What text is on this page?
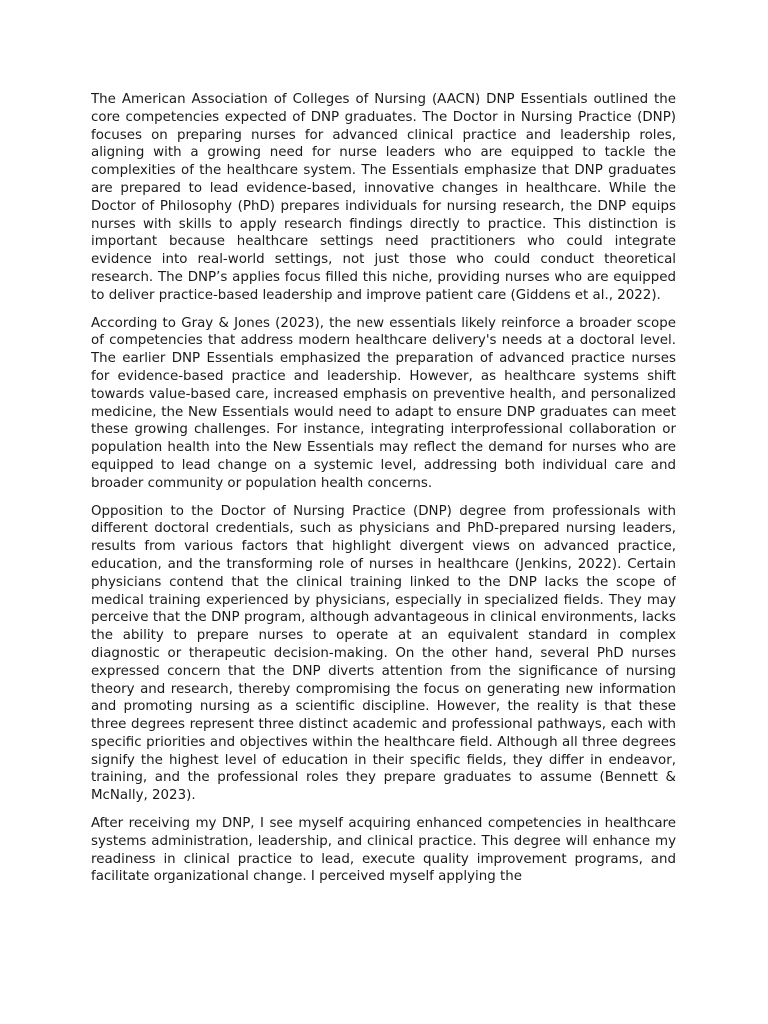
The American Association of Colleges of Nursing (AACN) DNP Essentials outlined the core competencies expected of DNP graduates. The Doctor in Nursing Practice (DNP) focuses on preparing nurses for advanced clinical practice and leadership roles, aligning with a growing need for nurse leaders who are equipped to tackle the complexities of the healthcare system. The Essentials emphasize that DNP graduates are prepared to lead evidence-based, innovative changes in healthcare. While the Doctor of Philosophy (PhD) prepares individuals for nursing research, the DNP equips nurses with skills to apply research findings directly to practice. This distinction is important because healthcare settings need practitioners who could integrate evidence into real-world settings, not just those who could conduct theoretical research. The DNP’s applies focus filled this niche, providing nurses who are equipped to deliver practice-based leadership and improve patient care (Giddens et al., 2022).

According to Gray & Jones (2023), the new essentials likely reinforce a broader scope of competencies that address modern healthcare delivery's needs at a doctoral level. The earlier DNP Essentials emphasized the preparation of advanced practice nurses for evidence-based practice and leadership. However, as healthcare systems shift towards value-based care, increased emphasis on preventive health, and personalized medicine, the New Essentials would need to adapt to ensure DNP graduates can meet these growing challenges. For instance, integrating interprofessional collaboration or population health into the New Essentials may reflect the demand for nurses who are equipped to lead change on a systemic level, addressing both individual care and broader community or population health concerns.

Opposition to the Doctor of Nursing Practice (DNP) degree from professionals with different doctoral credentials, such as physicians and PhD-prepared nursing leaders, results from various factors that highlight divergent views on advanced practice, education, and the transforming role of nurses in healthcare (Jenkins, 2022). Certain physicians contend that the clinical training linked to the DNP lacks the scope of medical training experienced by physicians, especially in specialized fields. They may perceive that the DNP program, although advantageous in clinical environments, lacks the ability to prepare nurses to operate at an equivalent standard in complex diagnostic or therapeutic decision-making. On the other hand, several PhD nurses expressed concern that the DNP diverts attention from the significance of nursing theory and research, thereby compromising the focus on generating new information and promoting nursing as a scientific discipline. However, the reality is that these three degrees represent three distinct academic and professional pathways, each with specific priorities and objectives within the healthcare field. Although all three degrees signify the highest level of education in their specific fields, they differ in endeavor, training, and the professional roles they prepare graduates to assume (Bennett & McNally, 2023).

After receiving my DNP, I see myself acquiring enhanced competencies in healthcare systems administration, leadership, and clinical practice. This degree will enhance my readiness in clinical practice to lead, execute quality improvement programs, and facilitate organizational change. I perceived myself applying the
